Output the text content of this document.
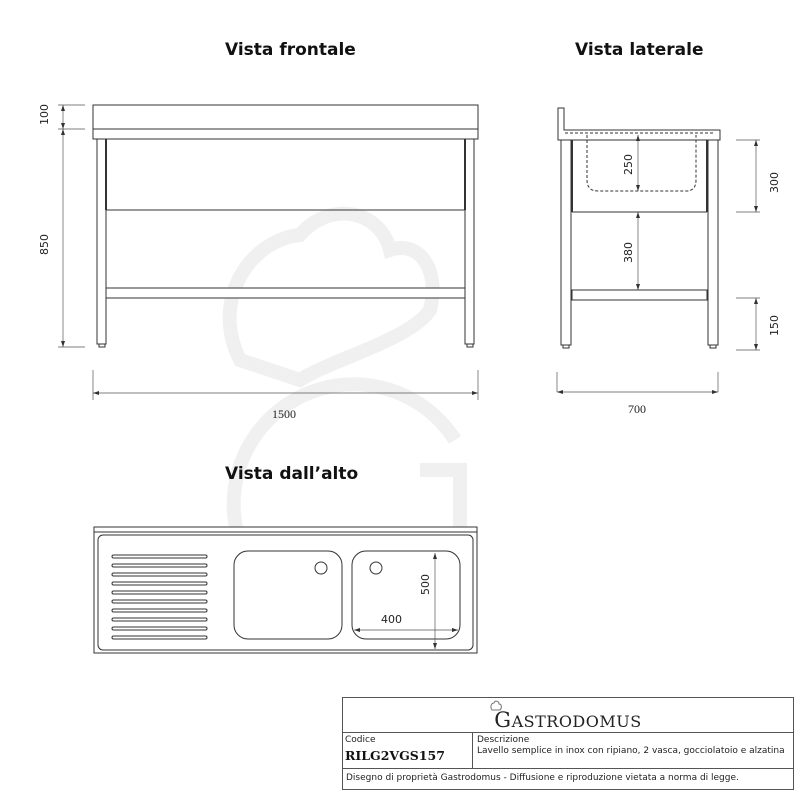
100
850
1500
250
380
300
150
700
500
400
Vista frontale	Vista laterale
Vista dall’alto
GASTRODOMUS
Codice
RILG2VGS157
Descrizione
Lavello semplice in inox con ripiano, 2 vasca, gocciolatoio e alzatina
Disegno di proprietà Gastrodomus - Diffusione e riproduzione vietata a norma di legge.
